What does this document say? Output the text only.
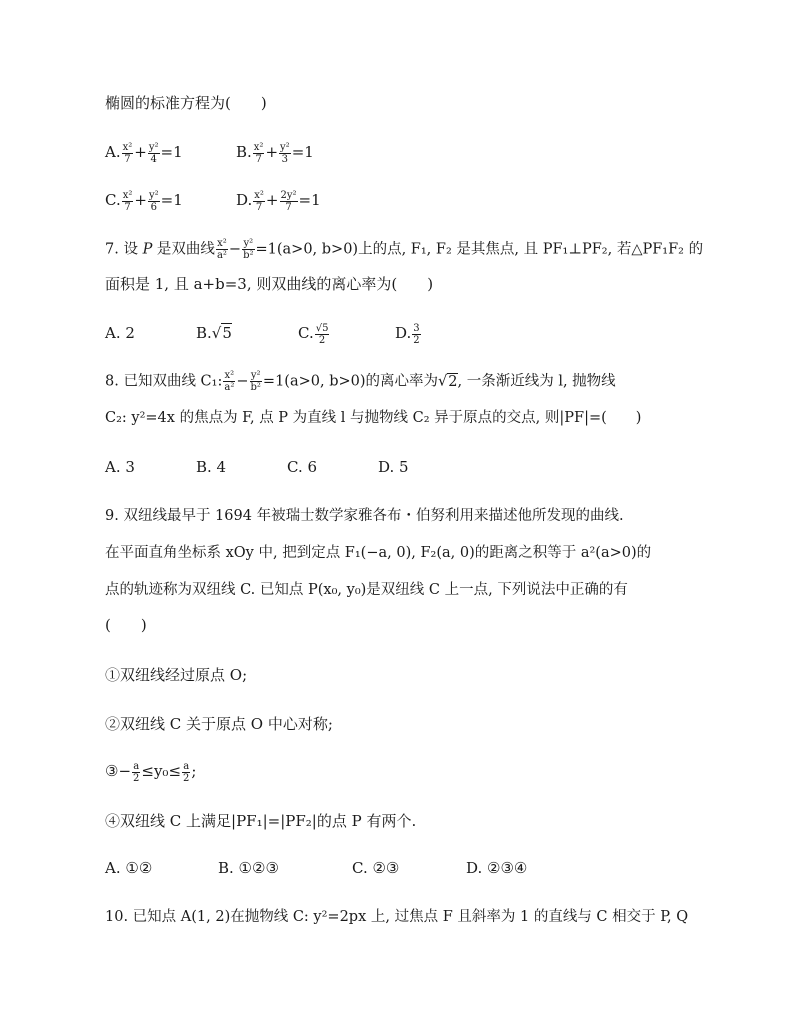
椭圆的标准方程为(　　)
A. $\frac{\text{x²}}{7} + \frac{\text{y²}}{4} =1$	B. $\frac{\text{x²}}{7} + \frac{\text{y²}}{3} =1$
C. $\frac{\text{x²}}{7} + \frac{\text{y²}}{6} =1$	D. $\frac{\text{x²}}{7} + \frac{\text{2y²}}{7} =1$
7. 设 P 是双曲线 $\frac{\text{x²}}{\text{a²}} - \frac{\text{y²}}{\text{b²}} =1(a>0$, b>0)上的点, F₁, F₂ 是其焦点, 且 PF₁⊥PF₂, 若△PF₁F₂ 的
面积是 1, 且 a+b=3, 则双曲线的离心率为(　　)
A. 2	B.√5	C. $\frac{√5}{2}$	D. $\frac{3}{2}$
8. 已知双曲线 C₁: $\frac{\text{x²}}{\text{a²}} - \frac{\text{y²}}{\text{b²}} =1(a>0$, b>0)的离心率为√2, 一条渐近线为 l, 抛物线
C₂: y²=4x 的焦点为 F, 点 P 为直线 l 与抛物线 C₂ 异于原点的交点, 则|PF|=(　　)
A. 3	B. 4	C. 6	D. 5
9. 双纽线最早于 1694 年被瑞士数学家雅各布・伯努利用来描述他所发现的曲线.
在平面直角坐标系 xOy 中, 把到定点 F₁(−a, 0), F₂(a, 0)的距离之积等于 a²(a>0)的
点的轨迹称为双纽线 C. 已知点 P(x₀, y₀)是双纽线 C 上一点, 下列说法中正确的有
(　　)
①双纽线经过原点 O;
②双纽线 C 关于原点 O 中心对称;
③− $\frac{a}{2} \le y_0\le \frac{a}{2}$ ;
④双纽线 C 上满足|PF₁|=|PF₂|的点 P 有两个.
A. ①②	B. ①②③	C. ②③	D. ②③④
10. 已知点 A(1, 2)在抛物线 C: y²=2px 上, 过焦点 F 且斜率为 1 的直线与 C 相交于 P, Q
